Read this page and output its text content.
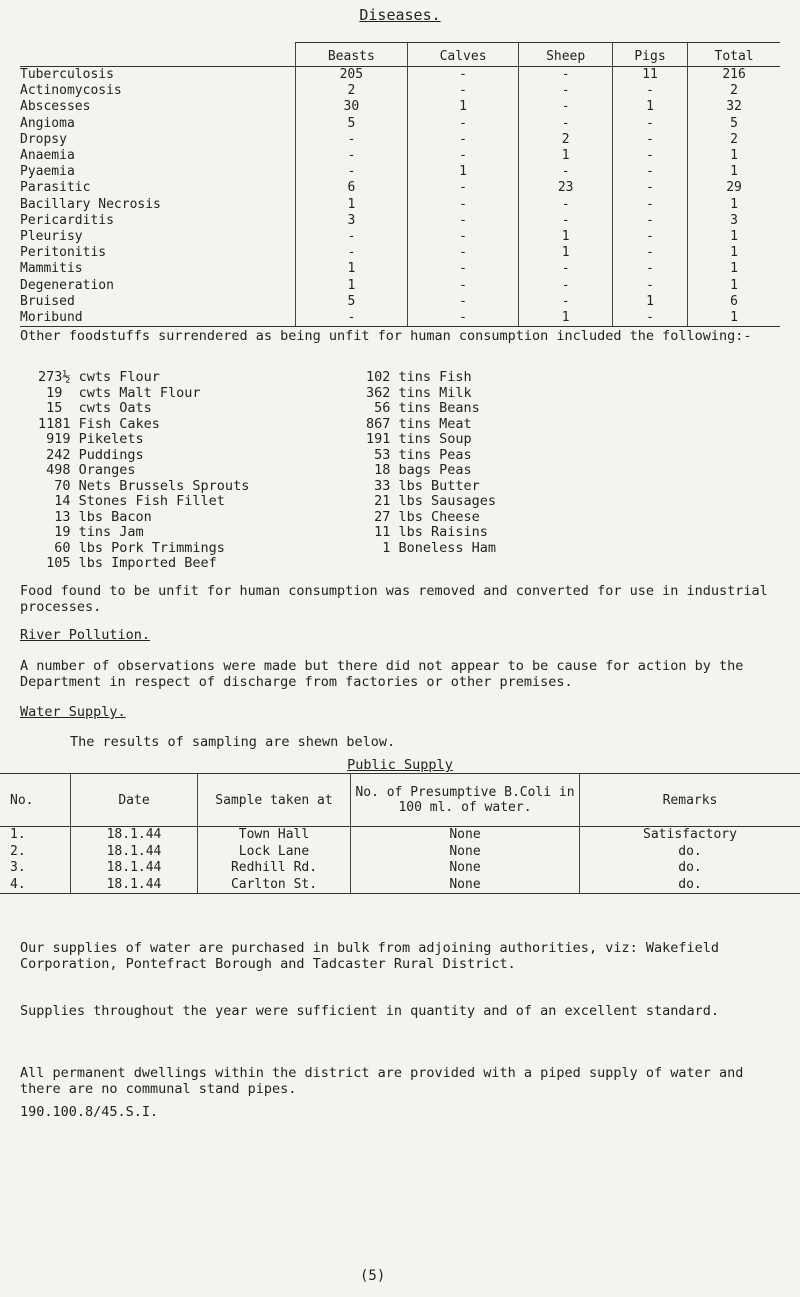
Diseases.
	Beasts	Calves	Sheep	Pigs	Total
Tuberculosis	205	-	-	11	216
Actinomycosis	2	-	-	-	2
Abscesses	30	1	-	1	32
Angioma	5	-	-	-	5
Dropsy	-	-	2	-	2
Anaemia	-	-	1	-	1
Pyaemia	-	1	-	-	1
Parasitic	6	-	23	-	29
Bacillary Necrosis	1	-	-	-	1
Pericarditis	3	-	-	-	3
Pleurisy	-	-	1	-	1
Peritonitis	-	-	1	-	1
Mammitis	1	-	-	-	1
Degeneration	1	-	-	-	1
Bruised	5	-	-	1	6
Moribund	-	-	1	-	1
Other foodstuffs surrendered as being unfit for human consumption included the following:-
273½ cwts Flour
19  cwts Malt Flour
15  cwts Oats
1181 Fish Cakes
919 Pikelets
242 Puddings
498 Oranges
70 Nets Brussels Sprouts
14 Stones Fish Fillet
13 lbs Bacon
19 tins Jam
60 lbs Pork Trimmings
105 lbs Imported Beef
102 tins Fish
362 tins Milk
56 tins Beans
867 tins Meat
191 tins Soup
53 tins Peas
18 bags Peas
33 lbs Butter
21 lbs Sausages
27 lbs Cheese
11 lbs Raisins
1 Boneless Ham
Food found to be unfit for human consumption was removed and converted for use in industrial processes.
River Pollution.
A number of observations were made but there did not appear to be cause for action by the Department in respect of discharge from factories or other premises.
Water Supply.
The results of sampling are shewn below.
Public Supply
No.	Date	Sample taken at	No. of Presumptive B.Coli in 100 ml. of water.	Remarks
1.	18.1.44	Town Hall	None	Satisfactory
2.	18.1.44	Lock Lane	None	do.
3.	18.1.44	Redhill Rd.	None	do.
4.	18.1.44	Carlton St.	None	do.
Our supplies of water are purchased in bulk from adjoining authorities, viz: Wakefield Corporation, Pontefract Borough and Tadcaster Rural District.
Supplies throughout the year were sufficient in quantity and of an excellent standard.
All permanent dwellings within the district are provided with a piped supply of water and there are no communal stand pipes.
190.100.8/45.S.I.
(5)
